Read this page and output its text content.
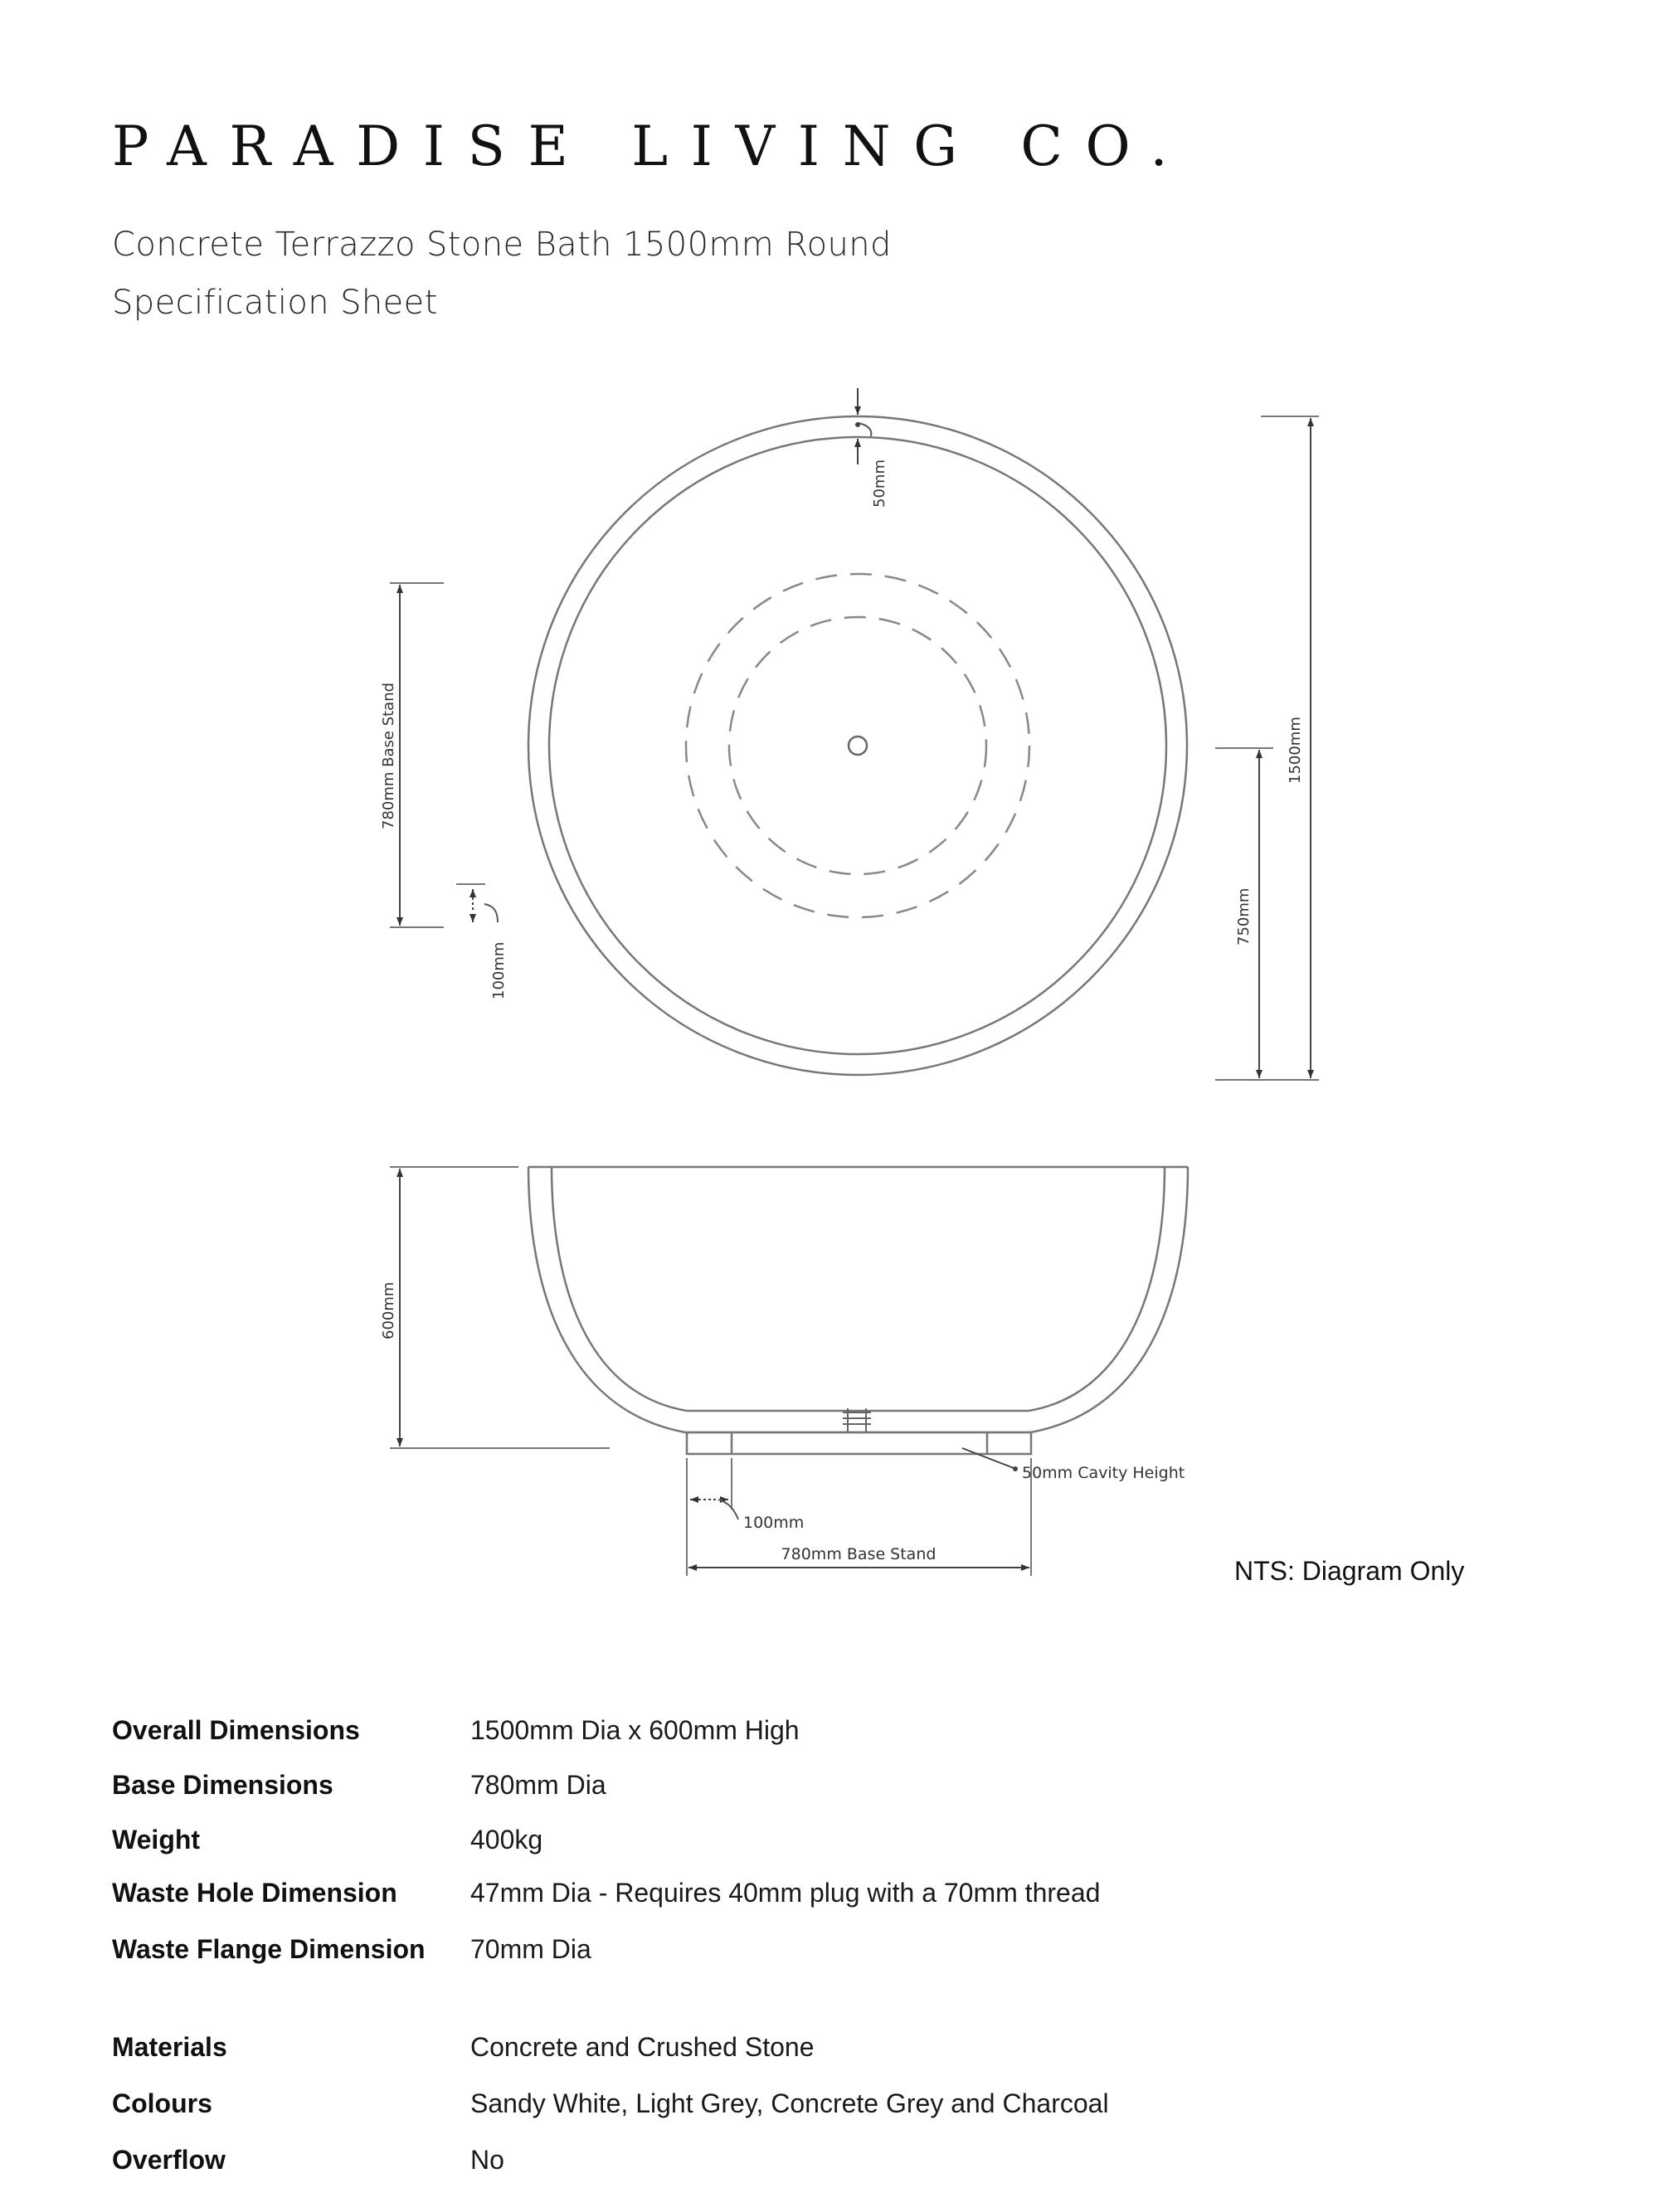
PARADISE LIVING CO.
Concrete Terrazzo Stone Bath 1500mm Round
Specification Sheet
50mm
1500mm
750mm
780mm Base Stand
100mm
600mm
50mm Cavity Height
100mm
780mm Base Stand
NTS: Diagram Only
Overall Dimensions	1500mm Dia x 600mm High
Base Dimensions	780mm Dia
Weight	400kg
Waste Hole Dimension	47mm Dia - Requires 40mm plug with a 70mm thread
Waste Flange Dimension 70mm Dia
Materials	Concrete and Crushed Stone
Colours	Sandy White, Light Grey, Concrete Grey and Charcoal
Overflow	No
